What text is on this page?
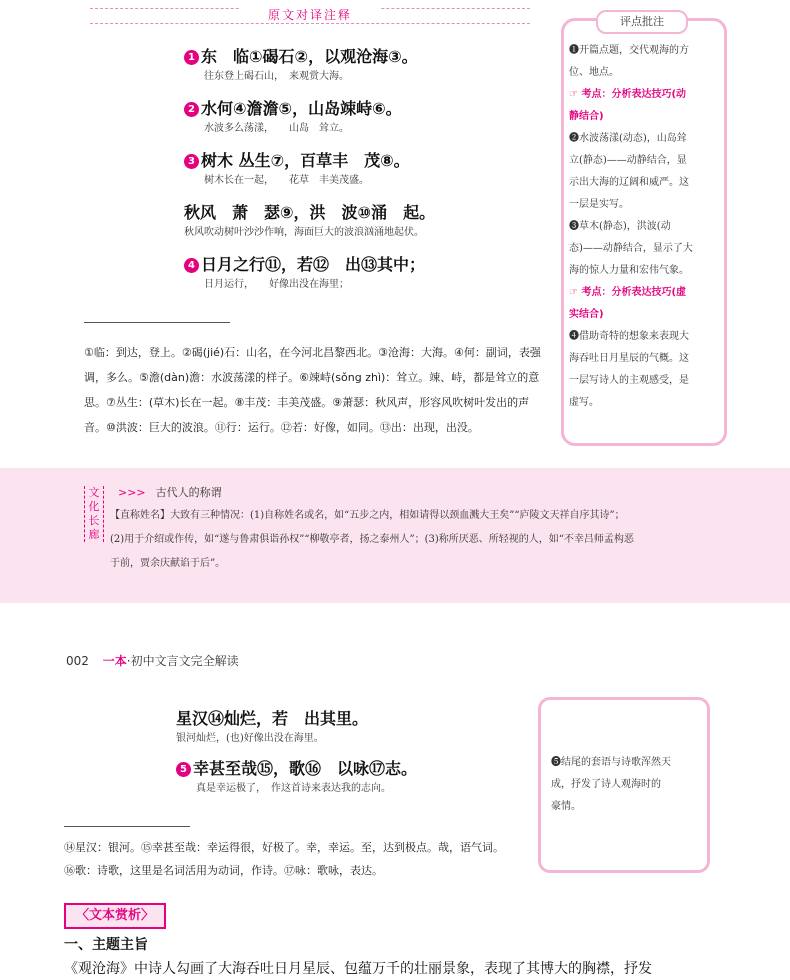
原文对译注释
1 东　临①碣石②，以观沧海③。
往东登上碣石山，　来观赏大海。
2 水何④澹澹⑤，山岛竦峙⑥。
水波多么荡漾，　　山岛　耸立。
3 树木 丛生⑦，百草丰　茂⑧。
树木长在一起，　　花草　丰美茂盛。
秋风　萧　瑟⑨，洪　波⑩涌　起。
秋风吹动树叶沙沙作响，海面巨大的波浪汹涌地起伏。
4 日月之行⑪，若⑫　出⑬其中；
日月运行，　　好像出没在海里；
①临：到达，登上。②碣(jié)石：山名，在今河北昌黎西北。③沧海：大海。④何：副词，表强
调，多么。⑤澹(dàn)澹：水波荡漾的样子。⑥竦峙(sǒng zhì)：耸立。竦、峙，都是耸立的意
思。⑦丛生：(草木)长在一起。⑧丰茂：丰美茂盛。⑨萧瑟：秋风声，形容风吹树叶发出的声
音。⑩洪波：巨大的波浪。⑪行：运行。⑫若：好像，如同。⑬出：出现，出没。
评点批注
❶开篇点题，交代观海的方
位、地点。
☞ 考点：分析表达技巧(动
静结合)
❷水波荡漾(动态)，山岛耸
立(静态)——动静结合，显
示出大海的辽阔和威严。这
一层是实写。
❸草木(静态)，洪波(动
态)——动静结合，显示了大
海的惊人力量和宏伟气象。
☞ 考点：分析表达技巧(虚
实结合)
❹借助奇特的想象来表现大
海吞吐日月星辰的气概。这
一层写诗人的主观感受，是
虚写。
文化长廊
>>> 古代人的称谓
【直称姓名】大致有三种情况：(1)自称姓名或名，如“五步之内，相如请得以颈血溅大王矣”“庐陵文天祥自序其诗”；
(2)用于介绍或作传，如“遂与鲁肃俱诣孙权”“柳敬亭者，扬之泰州人”；(3)称所厌恶、所轻视的人，如“不幸吕师孟构恶
于前，贾余庆献谄于后”。
002 一本·初中文言文完全解读
星汉⑭灿烂，若　出其里。
银河灿烂，(也)好像出没在海里。
5 幸甚至哉⑮，歌⑯　以咏⑰志。
真是幸运极了，　作这首诗来表达我的志向。
❺结尾的套语与诗歌浑然天
成，抒发了诗人观海时的
豪情。
⑭星汉：银河。⑮幸甚至哉：幸运得很，好极了。幸，幸运。至，达到极点。哉，语气词。
⑯歌：诗歌，这里是名词活用为动词，作诗。⑰咏：歌咏，表达。
〈文本赏析〉
一、主题主旨
《观沧海》中诗人勾画了大海吞吐日月星辰、包蕴万千的壮丽景象，表现了其博大的胸襟，抒发
